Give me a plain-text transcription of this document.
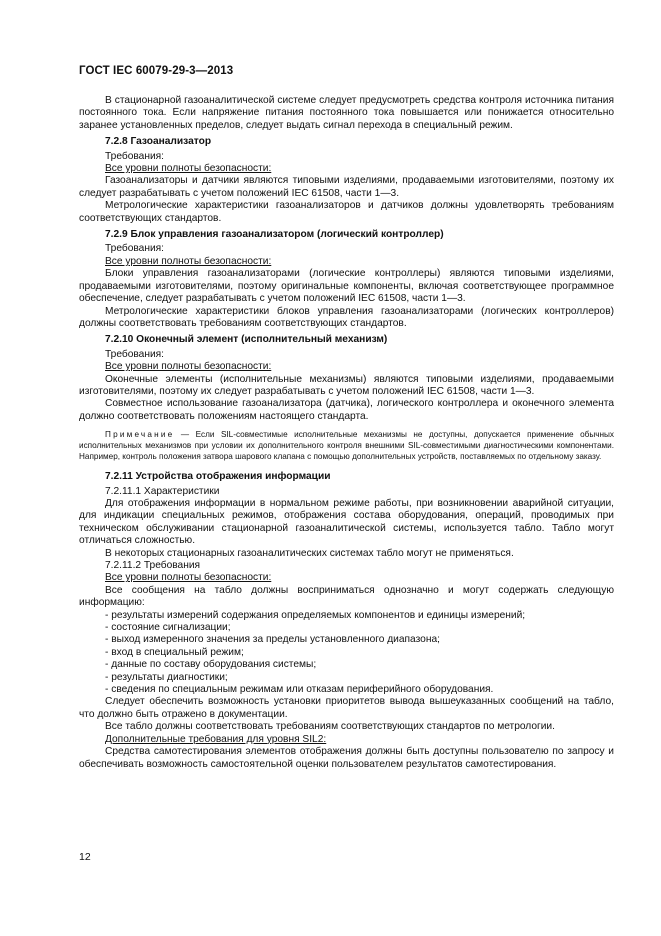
ГОСТ IEC 60079-29-3—2013

В стационарной газоаналитической системе следует предусмотреть средства контроля источника питания постоянного тока. Если напряжение питания постоянного тока повышается или понижается относительно заранее установленных пределов, следует выдать сигнал перехода в специальный режим.

7.2.8 Газоанализатор

Требования:

Все уровни полноты безопасности:

Газоанализаторы и датчики являются типовыми изделиями, продаваемыми изготовителями, поэтому их следует разрабатывать с учетом положений IEC 61508, части 1—3.

Метрологические характеристики газоанализаторов и датчиков должны удовлетворять требованиям соответствующих стандартов.

7.2.9 Блок управления газоанализатором (логический контроллер)

Требования:

Все уровни полноты безопасности:

Блоки управления газоанализаторами (логические контроллеры) являются типовыми изделиями, продаваемыми изготовителями, поэтому оригинальные компоненты, включая соответствующее программное обеспечение, следует разрабатывать с учетом положений IEC 61508, части 1—3.

Метрологические характеристики блоков управления газоанализаторами (логических контроллеров) должны соответствовать требованиям соответствующих стандартов.

7.2.10 Оконечный элемент (исполнительный механизм)

Требования:

Все уровни полноты безопасности:

Оконечные элементы (исполнительные механизмы) являются типовыми изделиями, продаваемыми изготовителями, поэтому их следует разрабатывать с учетом положений IEC 61508, части 1—3.

Совместное использование газоанализатора (датчика), логического контроллера и оконечного элемента должно соответствовать положениям настоящего стандарта.

Примечание — Если SIL-совместимые исполнительные механизмы не доступны, допускается применение обычных исполнительных механизмов при условии их дополнительного контроля внешними SIL-совместимыми диагностическими компонентами. Например, контроль положения затвора шарового клапана с помощью дополнительных устройств, поставляемых по отдельному заказу.

7.2.11 Устройства отображения информации

7.2.11.1 Характеристики

Для отображения информации в нормальном режиме работы, при возникновении аварийной ситуации, для индикации специальных режимов, отображения состава оборудования, операций, проводимых при техническом обслуживании стационарной газоаналитической системы, используется табло. Табло могут отличаться сложностью.

В некоторых стационарных газоаналитических системах табло могут не применяться.

7.2.11.2 Требования

Все уровни полноты безопасности:

Все сообщения на табло должны восприниматься однозначно и могут содержать следующую информацию:

- результаты измерений содержания определяемых компонентов и единицы измерений;
- состояние сигнализации;
- выход измеренного значения за пределы установленного диапазона;
- вход в специальный режим;
- данные по составу оборудования системы;
- результаты диагностики;
- сведения по специальным режимам или отказам периферийного оборудования.

Следует обеспечить возможность установки приоритетов вывода вышеуказанных сообщений на табло, что должно быть отражено в документации.

Все табло должны соответствовать требованиям соответствующих стандартов по метрологии.

Дополнительные требования для уровня SIL2:

Средства самотестирования элементов отображения должны быть доступны пользователю по запросу и обеспечивать возможность самостоятельной оценки пользователем результатов самотестирования.

12
